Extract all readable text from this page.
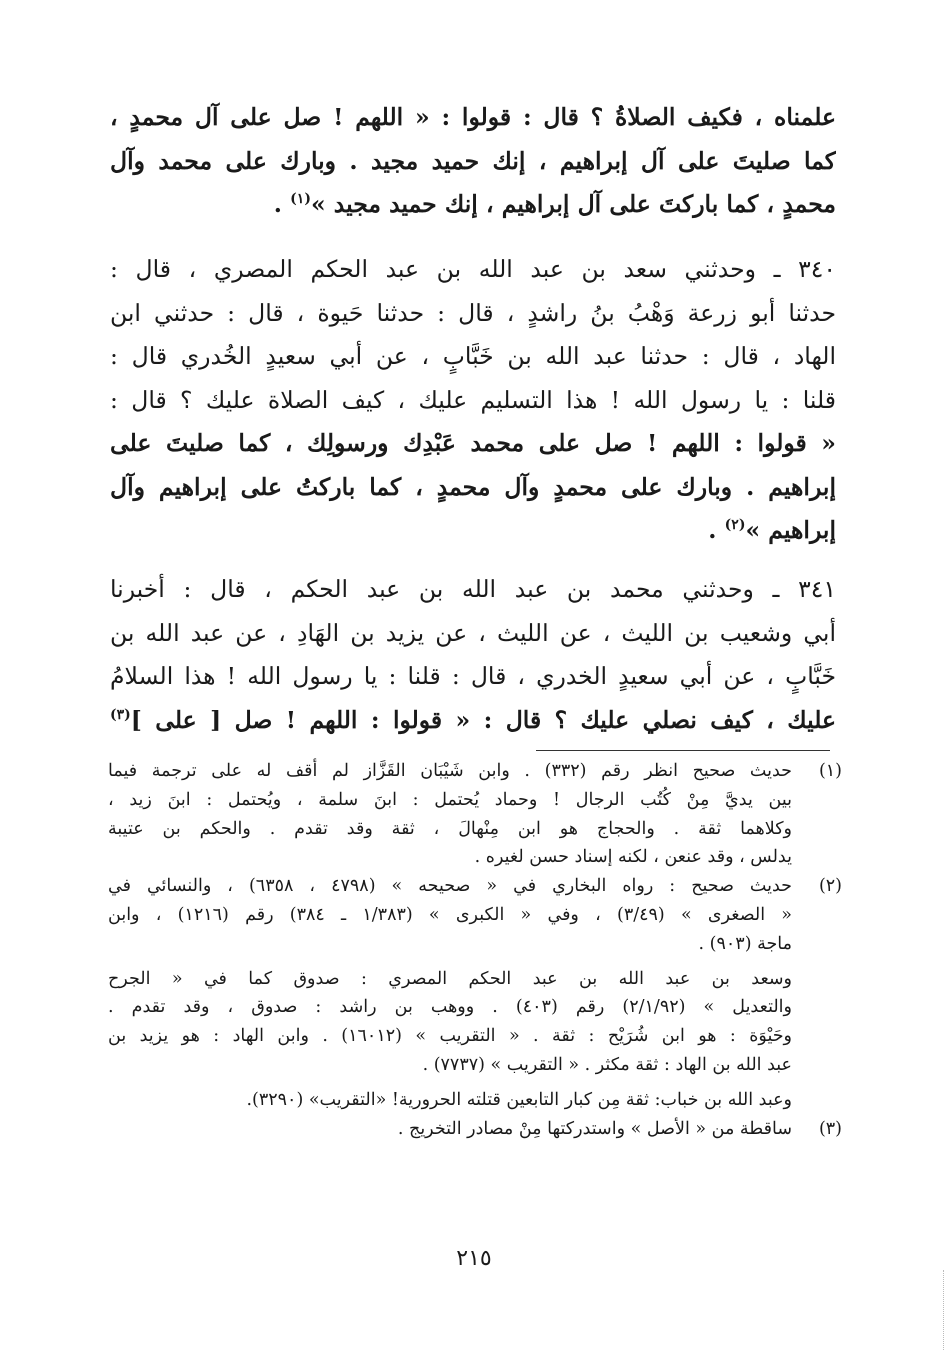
علمناه ، فكيف الصلاةُ ؟ قال : قولوا : « اللهم ! صل على آل محمدٍ ،
كما صليتَ على آل إبراهيم ، إنك حميد مجيد . وبارك على محمد وآل
محمدٍ ، كما باركتَ على آل إبراهيم ، إنك حميد مجيد »$^{(١)}$ .
٣٤٠ ـ وحدثني سعد بن عبد الله بن عبد الحكم المصري ، قال :
حدثنا أبو زرعة وَهْبُ بنُ راشدٍ ، قال : حدثنا حَيوة ، قال : حدثني ابن
الهاد ، قال : حدثنا عبد الله بن خَبَّابٍ ، عن أبي سعيدٍ الخُدري قال :
قلنا : يا رسول الله ! هذا التسليم عليك ، كيف الصلاة عليك ؟ قال :
« قولوا : اللهم ! صل على محمد عَبْدِك ورسولِك ، كما صليتَ على
إبراهيم . وبارك على محمدٍ وآل محمدٍ ، كما باركتُ على إبراهيم وآل
إبراهيم »$^{(٢)}$ .
٣٤١ ـ وحدثني محمد بن عبد الله بن عبد الحكم ، قال : أخبرنا
أبي وشعيب بن الليث ، عن الليث ، عن يزيد بن الهَادِ ، عن عبد الله بن
خَبَّابٍ ، عن أبي سعيدٍ الخدري ، قال : قلنا : يا رسول الله ! هذا السلامُ
عليك ، كيف نصلي عليك ؟ قال : « قولوا : اللهم ! صل [ على ]$^{(٣)}$
(١)
حديث صحيح انظر رقم (٣٣٢) . وابن شَيْبَان القَزَّاز لم أقف له على ترجمة فيما
بين يديَّ مِنْ كُتُب الرجال ! وحماد يُحتمل : ابنَ سلمة ، ويُحتمل : ابنَ زيد ،
وكلاهما ثقة . والحجاج هو ابن مِنْهالَ ، ثقة وقد تقدم . والحكم بن عتيبة
يدلس ، وقد عنعن ، لكنه إسناد حسن لغيره .
(٢)
حديث صحيح : رواه البخاري في « صحيحه » (٤٧٩٨ ، ٦٣٥٨) ، والنسائي في
« الصغرى » (٣/٤٩) ، وفي « الكبرى » (١/٣٨٣ ـ ٣٨٤) رقم (١٢١٦) ، وابن
ماجة (٩٠٣) .
وسعد بن عبد الله بن عبد الحكم المصري : صدوق كما في « الجرح
والتعديل » (٢/١/٩٢) رقم (٤٠٣) . ووهب بن راشد : صدوق ، وقد تقدم .
وحَيْوَة : هو ابن شُرَيْح : ثقة . « التقريب » (١٦٠١٢) . وابن الهاد : هو يزيد بن
عبد الله بن الهاد : ثقة مكثر . « التقريب » (٧٧٣٧) .
وعبد الله بن خباب: ثقة مِن كبار التابعين قتلته الحرورية! «التقريب» (٣٢٩٠).
(٣)
ساقطة من « الأصل » واستدركتها مِنْ مصادر التخريج .
٢١٥
